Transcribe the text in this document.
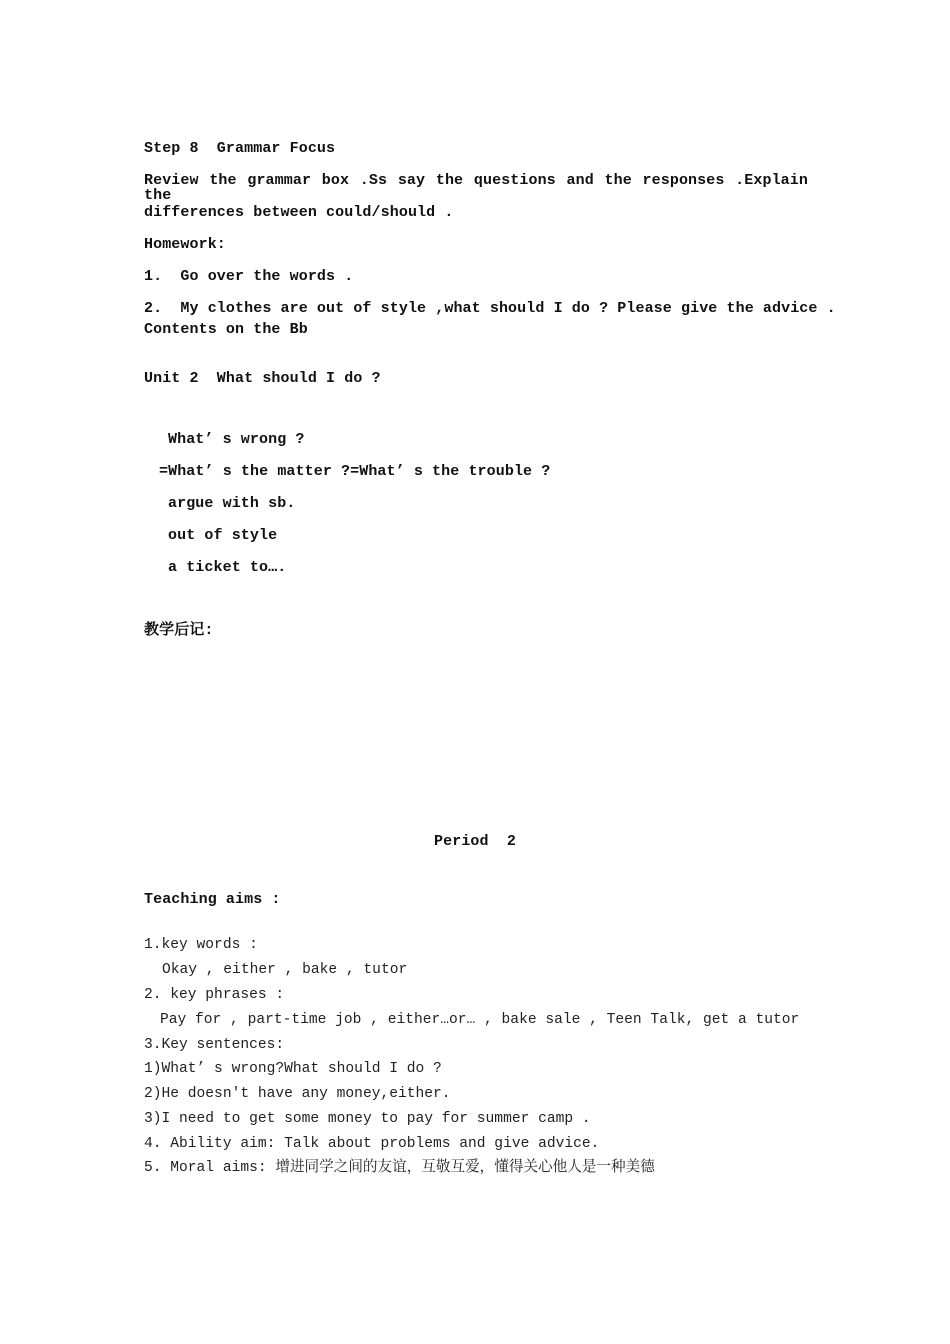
Step 8  Grammar Focus

Review the grammar box .Ss say the questions and the responses .Explain the

differences between could/should .

Homework:

1.  Go over the words .

2.  My clothes are out of style ,what should I do ? Please give the advice .

Contents on the Bb

Unit 2  What should I do ?

What’ s wrong ?

=What’ s the matter ?=What’ s the trouble ?

argue with sb.

out of style

a ticket to….

教学后记:

Period  2

Teaching aims :

1.key words :

Okay , either , bake , tutor

2. key phrases :

Pay for , part-time job , either…or… , bake sale , Teen Talk, get a tutor

3.Key sentences:

1)What’ s wrong?What should I do ?

2)He doesn't have any money,either.

3)I need to get some money to pay for summer camp .

4. Ability aim: Talk about problems and give advice.

5. Moral aims: 增进同学之间的友谊，互敬互爱，懂得关心他人是一种美德
